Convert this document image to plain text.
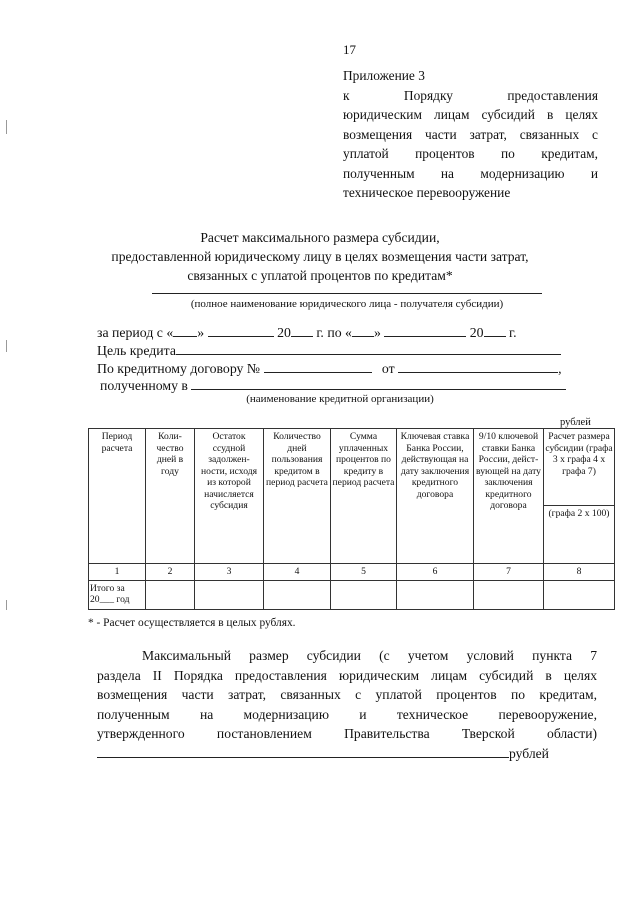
17
Приложение 3
к Порядку предоставления
юридическим лицам субсидий в целях
возмещения части затрат, связанных с
уплатой процентов по кредитам,
полученным на модернизацию и
техническое перевооружение
Расчет максимального размера субсидии,
предоставленной юридическому лицу в целях возмещения части затрат,
связанных с уплатой процентов по кредитам*
(полное наименование юридического лица - получателя субсидии)
за период с « »	20 г. по « »	20 г.
Цель кредита
По кредитному договору №	от	,
полученному в
(наименование кредитной организации)
рублей
Период расчета	Коли-чество дней в году	Остаток ссудной задолжен-ности, исходя из которой начисляется субсидия	Количество дней пользования кредитом в период расчета	Сумма уплаченных процентов по кредиту в период расчета	Ключевая ставка Банка России, действующая на дату заключения кредитного договора	9/10 ключевой ставки Банка России, дейст-вующей на дату заключения кредитного договора	Расчет размера субсидии (графа 3 x графа 4 x графа 7)
							(графа 2 x 100)
1	2	3	4	5	6	7	8

Итого за
20___ год							

* - Расчет осуществляется в целых рублях.
Максимальный размер субсидии (с учетом условий пункта 7
раздела II Порядка предоставления юридическим лицам субсидий в целях
возмещения части затрат, связанных с уплатой процентов по кредитам,
полученным на модернизацию и техническое перевооружение,
утвержденного постановлением Правительства Тверской области)
рублей
